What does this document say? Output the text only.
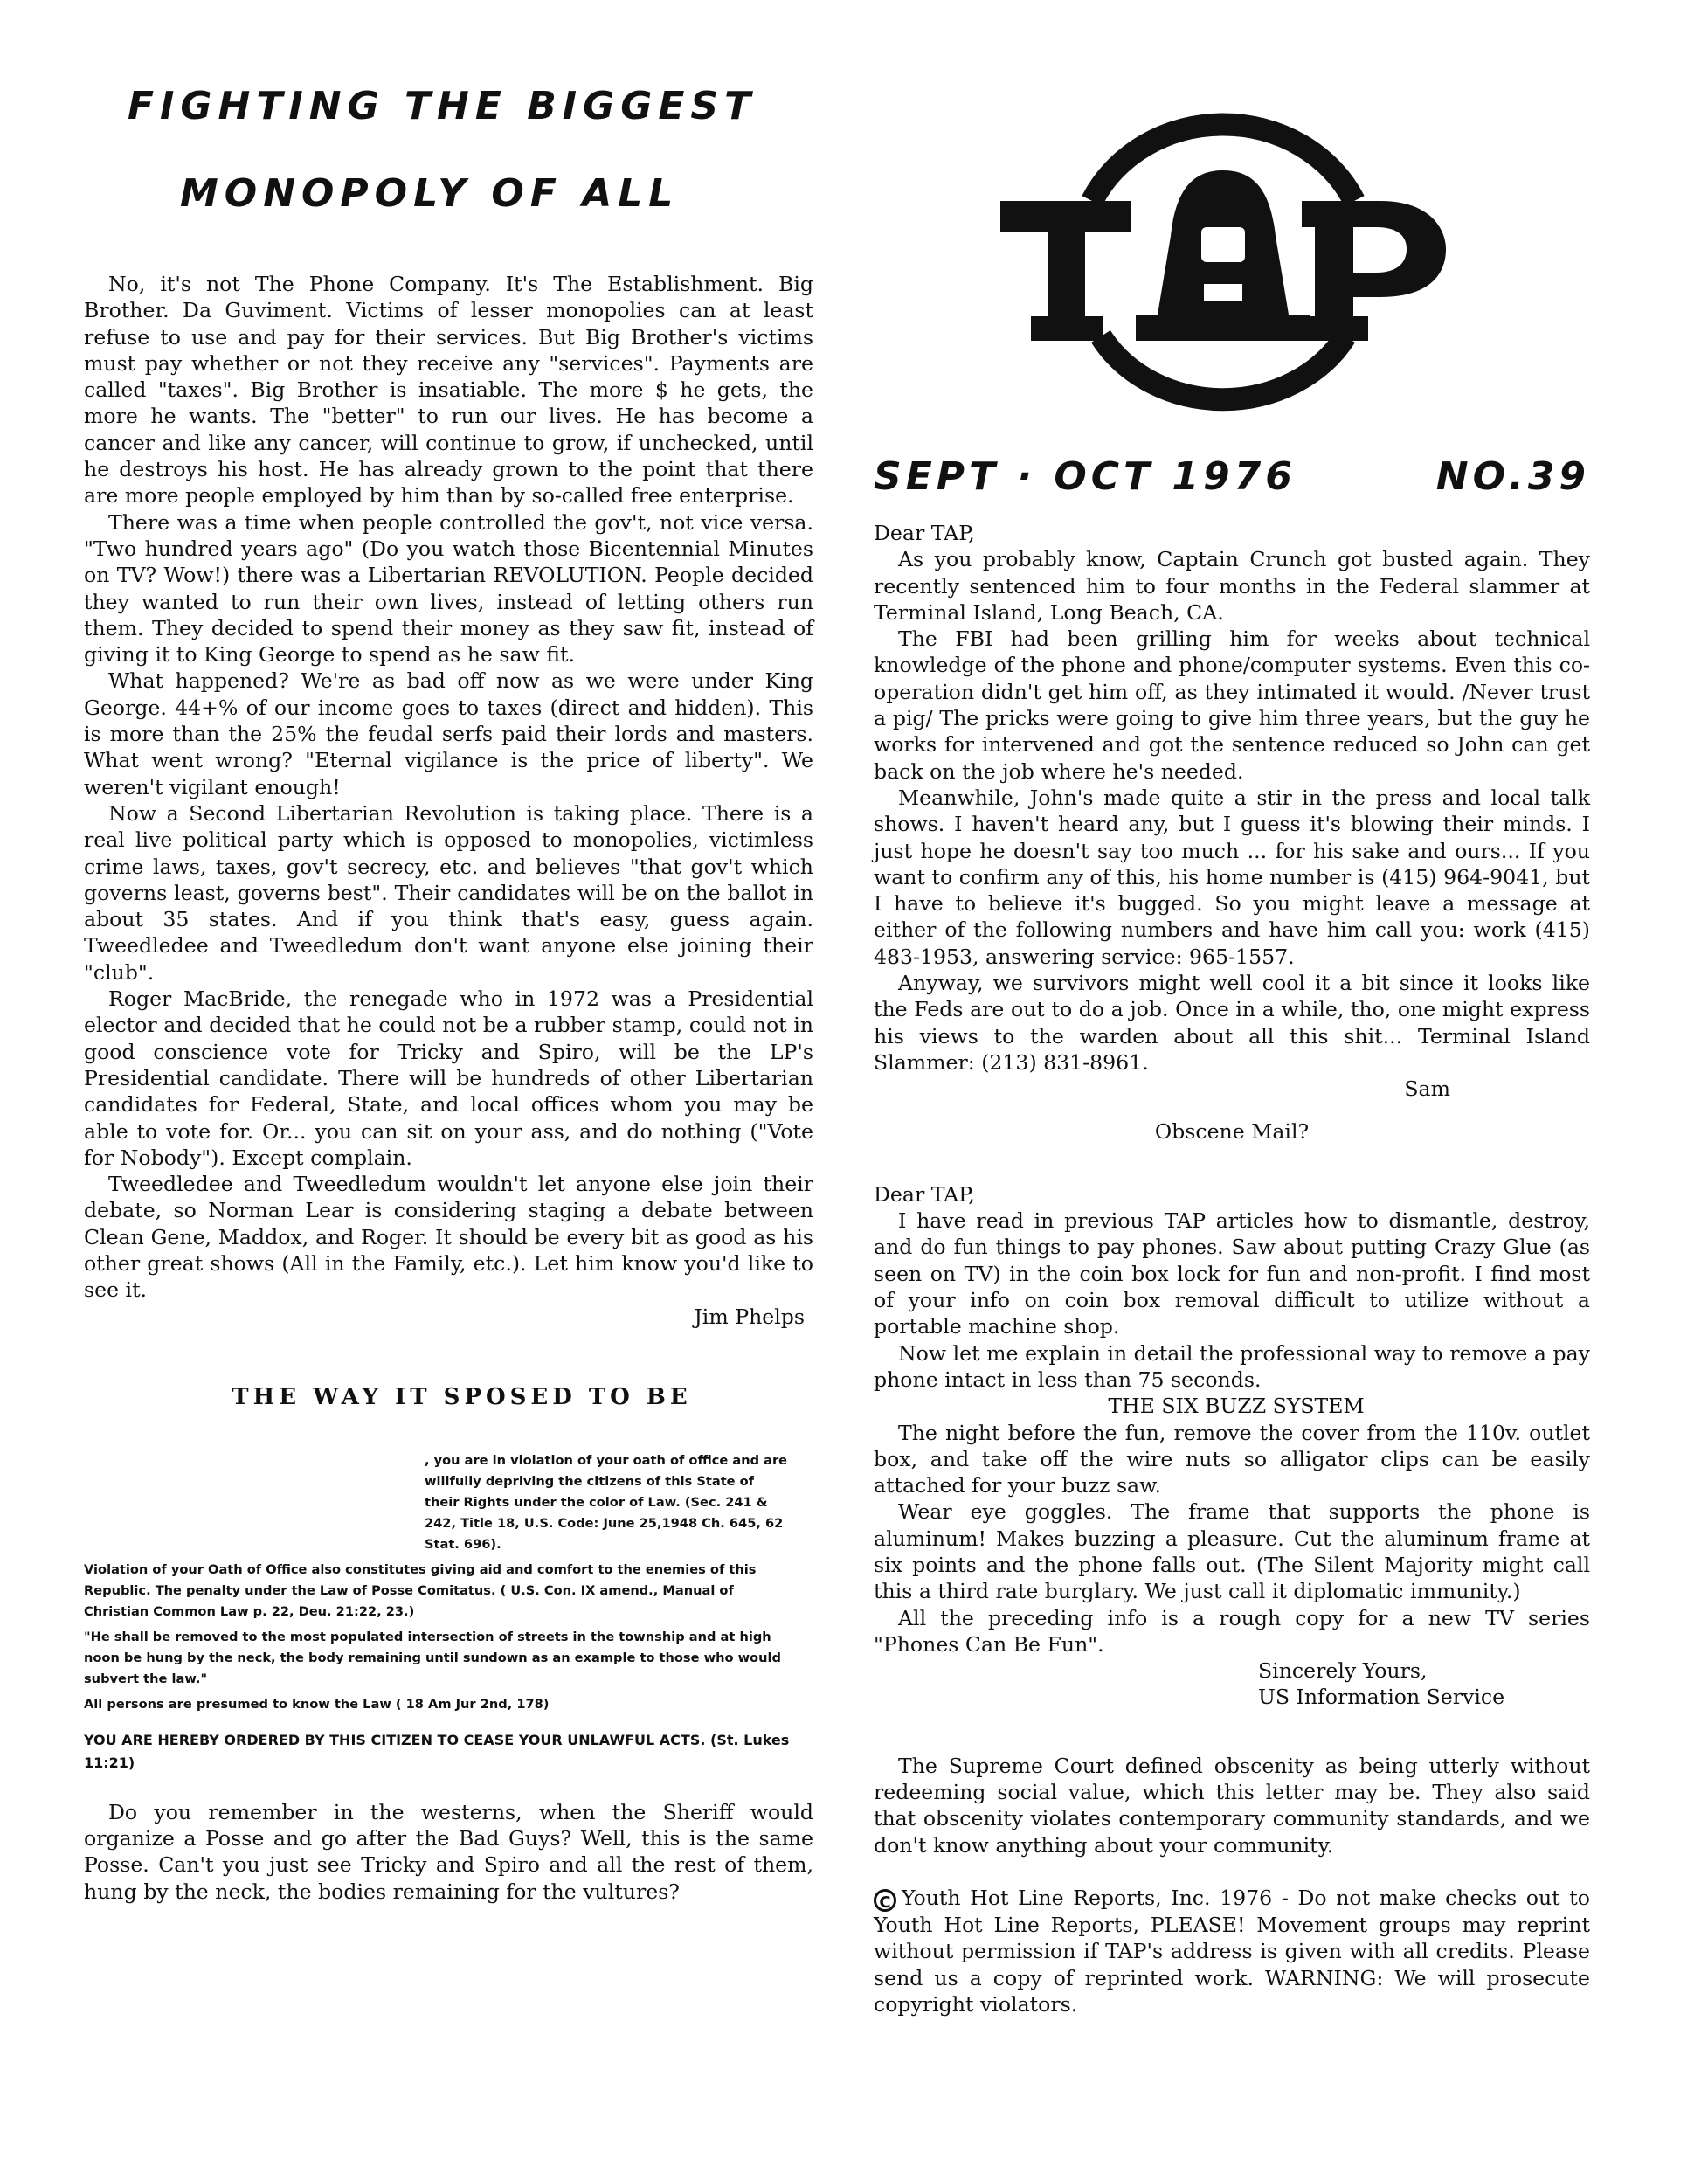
FIGHTING THE BIGGEST
MONOPOLY OF ALL

No, it's not The Phone Company. It's The Establishment. Big Brother. Da Guviment. Victims of lesser monopolies can at least refuse to use and pay for their services. But Big Brother's victims must pay whether or not they receive any "services". Payments are called "taxes". Big Brother is insatiable. The more $ he gets, the more he wants. The "better" to run our lives. He has become a cancer and like any cancer, will continue to grow, if unchecked, until he destroys his host. He has already grown to the point that there are more people employed by him than by so-called free enterprise.

There was a time when people controlled the gov't, not vice versa. "Two hundred years ago" (Do you watch those Bicentennial Minutes on TV? Wow!) there was a Libertarian REVOLUTION. People decided they wanted to run their own lives, instead of letting others run them. They decided to spend their money as they saw fit, instead of giving it to King George to spend as he saw fit.

What happened? We're as bad off now as we were under King George. 44+% of our income goes to taxes (direct and hidden). This is more than the 25% the feudal serfs paid their lords and masters. What went wrong? "Eternal vigilance is the price of liberty". We weren't vigilant enough!

Now a Second Libertarian Revolution is taking place. There is a real live political party which is opposed to monopolies, victimless crime laws, taxes, gov't secrecy, etc. and believes "that gov't which governs least, governs best". Their candidates will be on the ballot in about 35 states. And if you think that's easy, guess again. Tweedledee and Tweedledum don't want anyone else joining their "club".

Roger MacBride, the renegade who in 1972 was a Presidential elector and decided that he could not be a rubber stamp, could not in good conscience vote for Tricky and Spiro, will be the LP's Presidential candidate. There will be hundreds of other Libertarian candidates for Federal, State, and local offices whom you may be able to vote for. Or... you can sit on your ass, and do nothing ("Vote for Nobody"). Except complain.

Tweedledee and Tweedledum wouldn't let anyone else join their debate, so Norman Lear is considering staging a debate between Clean Gene, Maddox, and Roger. It should be every bit as good as his other great shows (All in the Family, etc.). Let him know you'd like to see it.

Jim Phelps

THE WAY IT SPOSED TO BE

, you are in violation of your oath of office and are willfully depriving the citizens of this State of their Rights under the color of Law. (Sec. 241 & 242, Title 18, U.S. Code: June 25,1948 Ch. 645, 62 Stat. 696).

Violation of your Oath of Office also constitutes giving aid and comfort to the enemies of this Republic. The penalty under the Law of Posse Comitatus. ( U.S. Con. IX amend., Manual of Christian Common Law p. 22, Deu. 21:22, 23.)

"He shall be removed to the most populated intersection of streets in the township and at high noon be hung by the neck, the body remaining until sundown as an example to those who would subvert the law."

All persons are presumed to know the Law ( 18 Am Jur 2nd, 178)

YOU ARE HEREBY ORDERED BY THIS CITIZEN TO CEASE YOUR UNLAWFUL ACTS. (St. Lukes 11:21)

Do you remember in the westerns, when the Sheriff would organize a Posse and go after the Bad Guys? Well, this is the same Posse. Can't you just see Tricky and Spiro and all the rest of them, hung by the neck, the bodies remaining for the vultures?

SEPT · OCT 1976	NO.39

Dear TAP,

As you probably know, Captain Crunch got busted again. They recently sentenced him to four months in the Federal slammer at Terminal Island, Long Beach, CA.

The FBI had been grilling him for weeks about technical knowledge of the phone and phone/computer systems. Even this co-operation didn't get him off, as they intimated it would. /Never trust a pig/ The pricks were going to give him three years, but the guy he works for intervened and got the sentence reduced so John can get back on the job where he's needed.

Meanwhile, John's made quite a stir in the press and local talk shows. I haven't heard any, but I guess it's blowing their minds. I just hope he doesn't say too much ... for his sake and ours... If you want to confirm any of this, his home number is (415) 964-9041, but I have to believe it's bugged. So you might leave a message at either of the following numbers and have him call you: work (415) 483-1953, answering service: 965-1557.

Anyway, we survivors might well cool it a bit since it looks like the Feds are out to do a job. Once in a while, tho, one might express his views to the warden about all this shit... Terminal Island Slammer: (213) 831-8961.

Sam

Obscene Mail?

Dear TAP,

I have read in previous TAP articles how to dismantle, destroy, and do fun things to pay phones. Saw about putting Crazy Glue (as seen on TV) in the coin box lock for fun and non-profit. I find most of your info on coin box removal difficult to utilize without a portable machine shop.

Now let me explain in detail the professional way to remove a pay phone intact in less than 75 seconds.

THE SIX BUZZ SYSTEM

The night before the fun, remove the cover from the 110v. outlet box, and take off the wire nuts so alligator clips can be easily attached for your buzz saw.

Wear eye goggles. The frame that supports the phone is aluminum! Makes buzzing a pleasure. Cut the aluminum frame at six points and the phone falls out. (The Silent Majority might call this a third rate burglary. We just call it diplomatic immunity.)

All the preceding info is a rough copy for a new TV series "Phones Can Be Fun".

Sincerely Yours,

US Information Service

The Supreme Court defined obscenity as being utterly without redeeming social value, which this letter may be. They also said that obscenity violates contemporary community standards, and we don't know anything about your community.

C Youth Hot Line Reports, Inc. 1976 - Do not make checks out to Youth Hot Line Reports, PLEASE! Movement groups may reprint without permission if TAP's address is given with all credits. Please send us a copy of reprinted work. WARNING: We will prosecute copyright violators.
